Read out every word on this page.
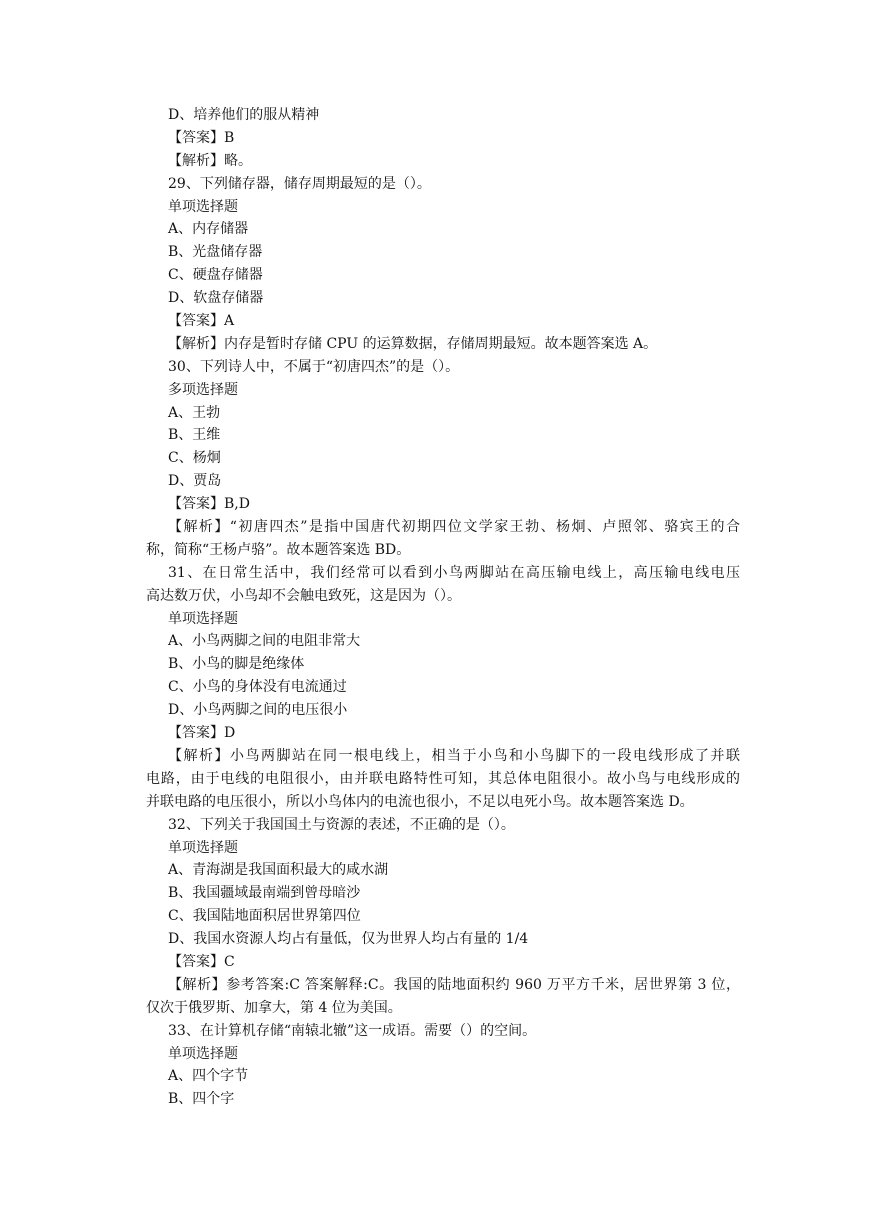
D、培养他们的服从精神
【答案】B
【解析】略。
29、下列储存器，储存周期最短的是（）。
单项选择题
A、内存储器
B、光盘储存器
C、硬盘存储器
D、软盘存储器
【答案】A
【解析】内存是暂时存储 CPU 的运算数据，存储周期最短。故本题答案选 A。
30、下列诗人中，不属于“初唐四杰”的是（）。
多项选择题
A、王勃
B、王维
C、杨炯
D、贾岛
【答案】B,D
【解析】“初唐四杰”是指中国唐代初期四位文学家王勃、杨炯、卢照邻、骆宾王的合
称，简称“王杨卢骆”。故本题答案选 BD。
31、在日常生活中，我们经常可以看到小鸟两脚站在高压输电线上，高压输电线电压
高达数万伏，小鸟却不会触电致死，这是因为（）。
单项选择题
A、小鸟两脚之间的电阻非常大
B、小鸟的脚是绝缘体
C、小鸟的身体没有电流通过
D、小鸟两脚之间的电压很小
【答案】D
【解析】小鸟两脚站在同一根电线上，相当于小鸟和小鸟脚下的一段电线形成了并联
电路，由于电线的电阻很小，由并联电路特性可知，其总体电阻很小。故小鸟与电线形成的
并联电路的电压很小，所以小鸟体内的电流也很小，不足以电死小鸟。故本题答案选 D。
32、下列关于我国国土与资源的表述，不正确的是（）。
单项选择题
A、青海湖是我国面积最大的咸水湖
B、我国疆域最南端到曾母暗沙
C、我国陆地面积居世界第四位
D、我国水资源人均占有量低，仅为世界人均占有量的 1/4
【答案】C
【解析】参考答案:C 答案解释:C。我国的陆地面积约 960 万平方千米，居世界第 3 位，
仅次于俄罗斯、加拿大，第 4 位为美国。
33、在计算机存储“南辕北辙”这一成语。需要（）的空间。
单项选择题
A、四个字节
B、四个字
